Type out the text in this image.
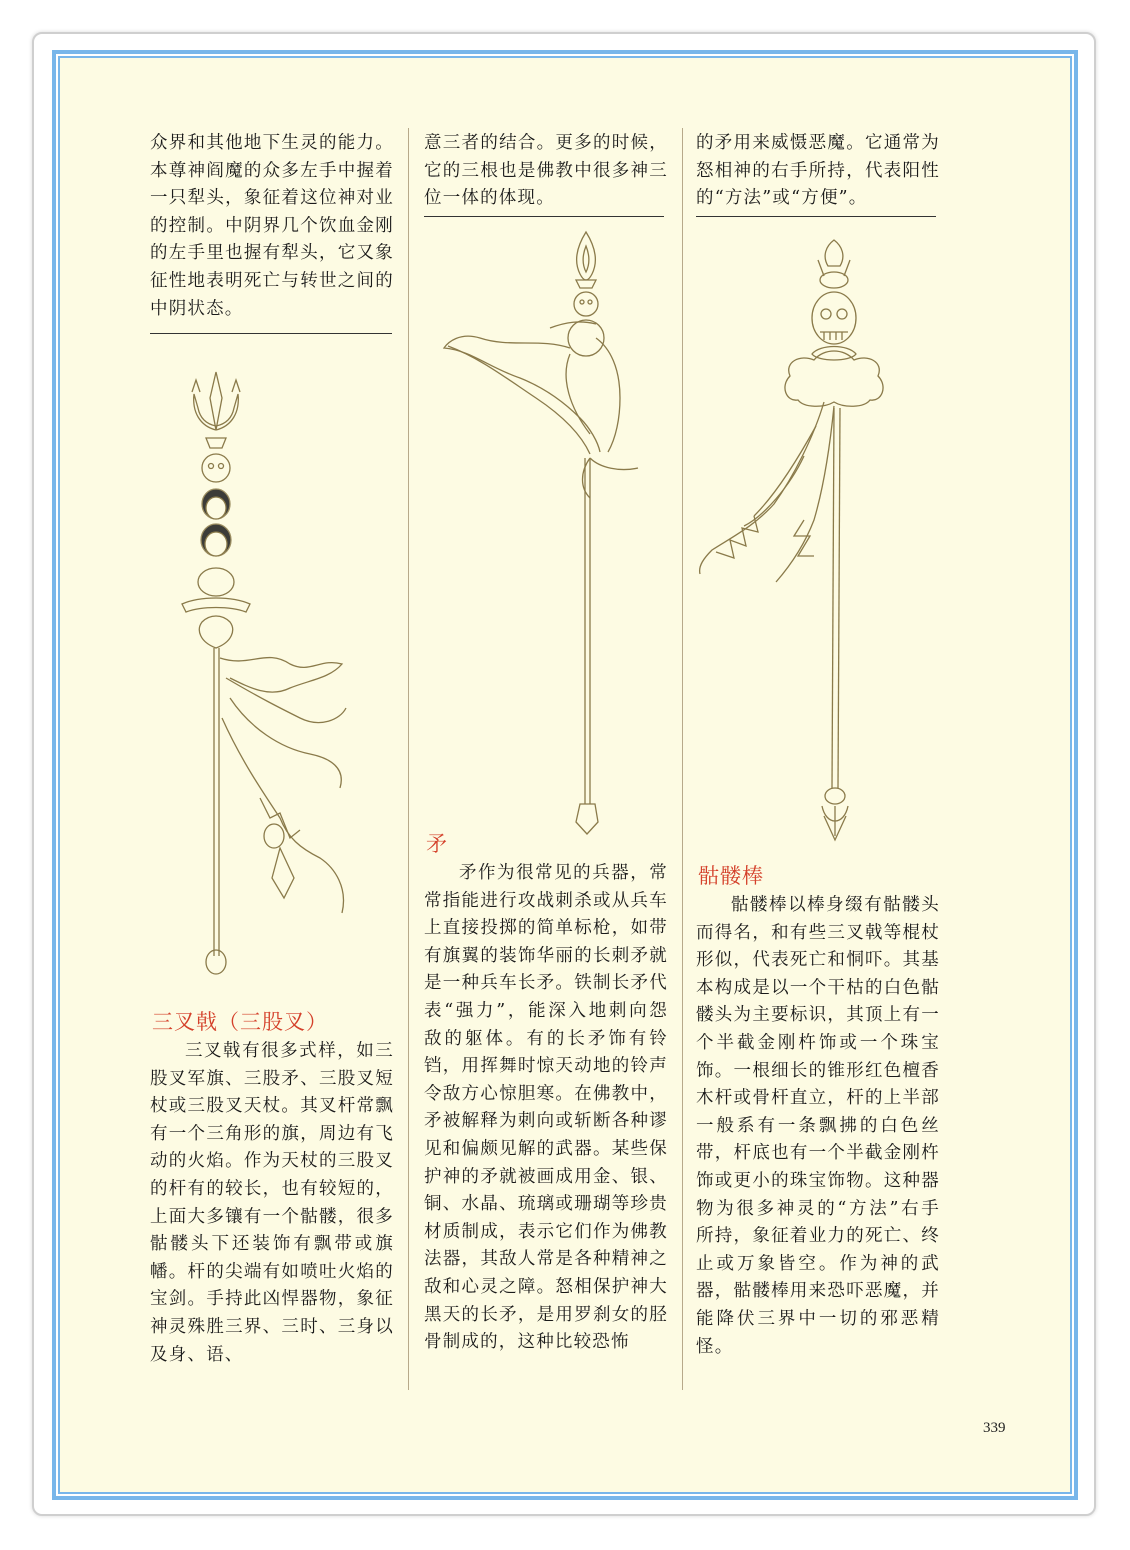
众界和其他地下生灵的能力。本尊神阎魔的众多左手中握着一只犁头，象征着这位神对业的控制。中阴界几个饮血金刚的左手里也握有犁头，它又象征性地表明死亡与转世之间的中阴状态。
三叉戟（三股叉）
三叉戟有很多式样，如三股叉军旗、三股矛、三股叉短杖或三股叉天杖。其叉杆常飘有一个三角形的旗，周边有飞动的火焰。作为天杖的三股叉的杆有的较长，也有较短的，上面大多镶有一个骷髅，很多骷髅头下还装饰有飘带或旗幡。杆的尖端有如喷吐火焰的宝剑。手持此凶悍器物，象征神灵殊胜三界、三时、三身以及身、语、
意三者的结合。更多的时候，它的三根也是佛教中很多神三位一体的体现。
矛
矛作为很常见的兵器，常常指能进行攻战刺杀或从兵车上直接投掷的简单标枪，如带有旗翼的装饰华丽的长刺矛就是一种兵车长矛。铁制长矛代表“强力”，能深入地刺向怨敌的躯体。有的长矛饰有铃铛，用挥舞时惊天动地的铃声令敌方心惊胆寒。在佛教中，矛被解释为刺向或斩断各种谬见和偏颇见解的武器。某些保护神的矛就被画成用金、银、铜、水晶、琉璃或珊瑚等珍贵材质制成，表示它们作为佛教法器，其敌人常是各种精神之敌和心灵之障。怒相保护神大黑天的长矛，是用罗刹女的胫骨制成的，这种比较恐怖
的矛用来威慑恶魔。它通常为怒相神的右手所持，代表阳性的“方法”或“方便”。
骷髅棒
骷髅棒以棒身缀有骷髅头而得名，和有些三叉戟等棍杖形似，代表死亡和恫吓。其基本构成是以一个干枯的白色骷髅头为主要标识，其顶上有一个半截金刚杵饰或一个珠宝饰。一根细长的锥形红色檀香木杆或骨杆直立，杆的上半部一般系有一条飘拂的白色丝带，杆底也有一个半截金刚杵饰或更小的珠宝饰物。这种器物为很多神灵的“方法”右手所持，象征着业力的死亡、终止或万象皆空。作为神的武器，骷髅棒用来恐吓恶魔，并能降伏三界中一切的邪恶精怪。
339
